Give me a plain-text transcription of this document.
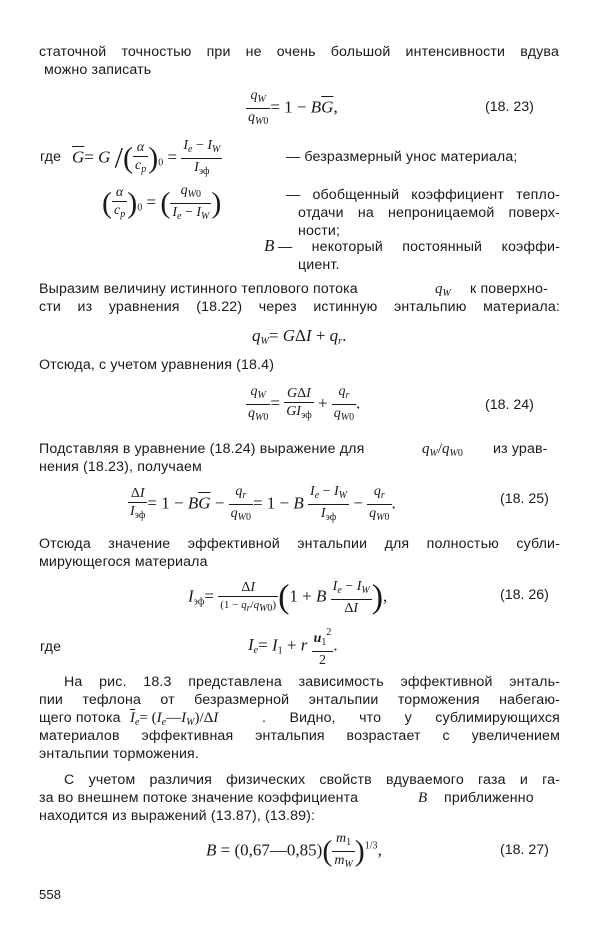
статочной точностью при не очень большой интенсивности вдува
можно записать
$\frac{q_W}{q_{W0}} = 1 - B\overline{G}$,	(18. 23)
где $\overline{G}= G$ /( $\frac{\alpha}{c_p} )_0$ =
$I_e - I_W$
$I_{эф}$
— безразмерный унос материала;
( $\frac{\alpha}{c_p} )_0$ = ( $\frac{q_{W0}}{I_e - I_W}$ )	— обобщенный коэффициент тепло-
отдачи на непроницаемой поверх-
ности;
B — некоторый постоянный коэффи-
циент.
Выразим величину истинного теплового потока	$q_W$ к поверхно-
сти из уравнения (18.22) через истинную энтальпию материала:
$q_W= G\Delta I + q_r$.
Отсюда, с учетом уравнения (18.4)
$\frac{q_W}{q_{W0}} = G\Delta I$
$GI_{эф}$
+ $\frac{q_r}{q_{W0}}$ .	(18. 24)
Подставляя в уравнение (18.24) выражение для	$q_W/q_{W0}$ из урав-
нения (18.23), получаем
ΔI
$I_{эф}$
= $1 - B\overline{G} - \frac{q_r}{q_{W0}} = 1 - B$
$I_e - I_W$
$I_{эф}$
− $\frac{q_r}{q_{W0}}$ .	(18. 25)
Отсюда значение эффективной энтальпии для полностью субли-
мирующегося материала
$I_{эф}=$	ΔI
(1 − qr/qW0) (1 + B $\frac{I_e - I_W}{\Delta I}$ ),	(18. 26)
где	$I_e= I_1 + r \frac{u_1^2}{2}$ .
На рис. 18.3 представлена зависимость эффективной энталь-
пии тефлона от безразмерной энтальпии торможения набегаю-
щего потока $\overline{I}_e=$ $(I_e—I_W)/\Delta I$	. Видно, что у сублимирующихся
материалов эффективная энтальпия возрастает с увеличением
энтальпии торможения.
С учетом различия физических свойств вдуваемого газа и га-
за во внешнем потоке значение коэффициента	B приближенно
находится из выражений (13.87), (13.89):
B = (0,67—0,85)( $\frac{m_1}{m_W} )^{1/3}$,	(18. 27)
558
